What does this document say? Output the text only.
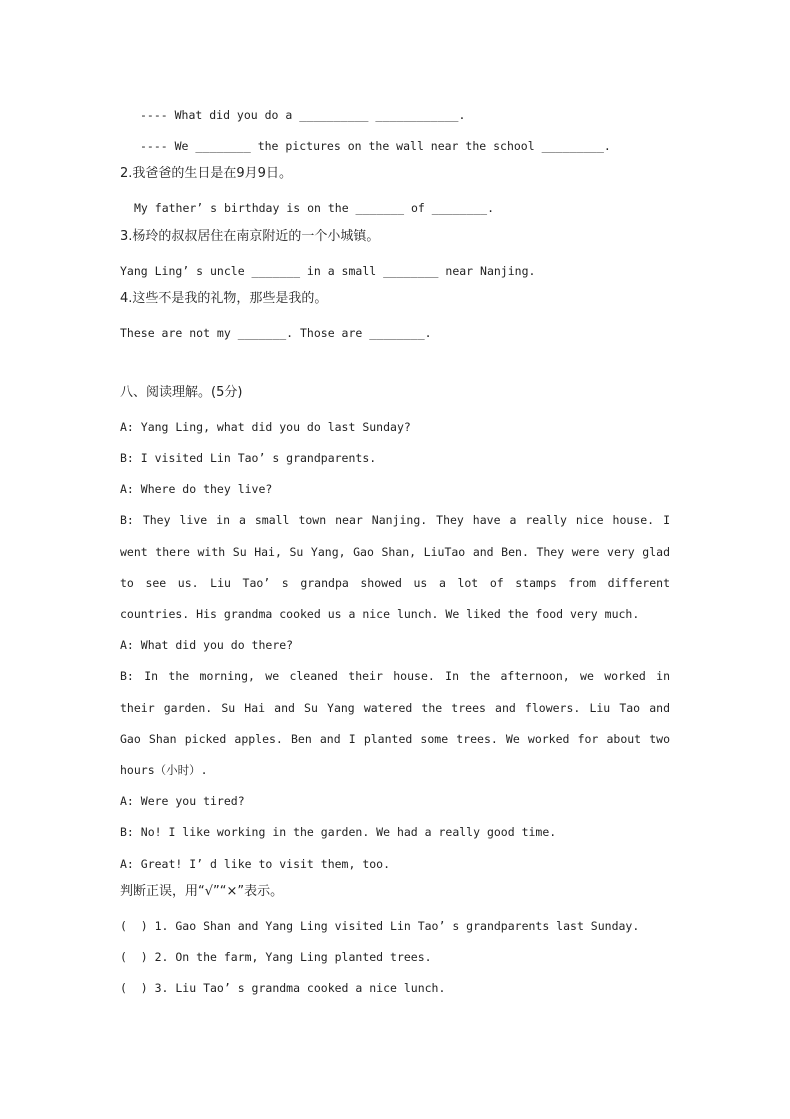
---- What did you do a __________ ____________.
---- We ________ the pictures on the wall near the school _________.
2.我爸爸的生日是在9月9日。
My father’ s birthday is on the _______ of ________.
3.杨玲的叔叔居住在南京附近的一个小城镇。
Yang Ling’ s uncle _______ in a small ________ near Nanjing.
4.这些不是我的礼物，那些是我的。
These are not my _______. Those are ________.
八、阅读理解。(5分)
A: Yang Ling, what did you do last Sunday?
B: I visited Lin Tao’ s grandparents.
A: Where do they live?
B: They live in a small town near Nanjing. They have a really nice house. I
went there with Su Hai, Su Yang, Gao Shan, LiuTao and Ben. They were very glad
to see us. Liu Tao’ s grandpa showed us a lot of stamps from different
countries. His grandma cooked us a nice lunch. We liked the food very much.
A: What did you do there?
B: In the morning, we cleaned their house. In the afternoon, we worked in
their garden. Su Hai and Su Yang watered the trees and flowers. Liu Tao and
Gao Shan picked apples. Ben and I planted some trees. We worked for about two
hours（小时）.
A: Were you tired?
B: No! I like working in the garden. We had a really good time.
A: Great! I’ d like to visit them, too.
判断正误，用“√”“×”表示。
(  ) 1. Gao Shan and Yang Ling visited Lin Tao’ s grandparents last Sunday.
(  ) 2. On the farm, Yang Ling planted trees.
(  ) 3. Liu Tao’ s grandma cooked a nice lunch.
